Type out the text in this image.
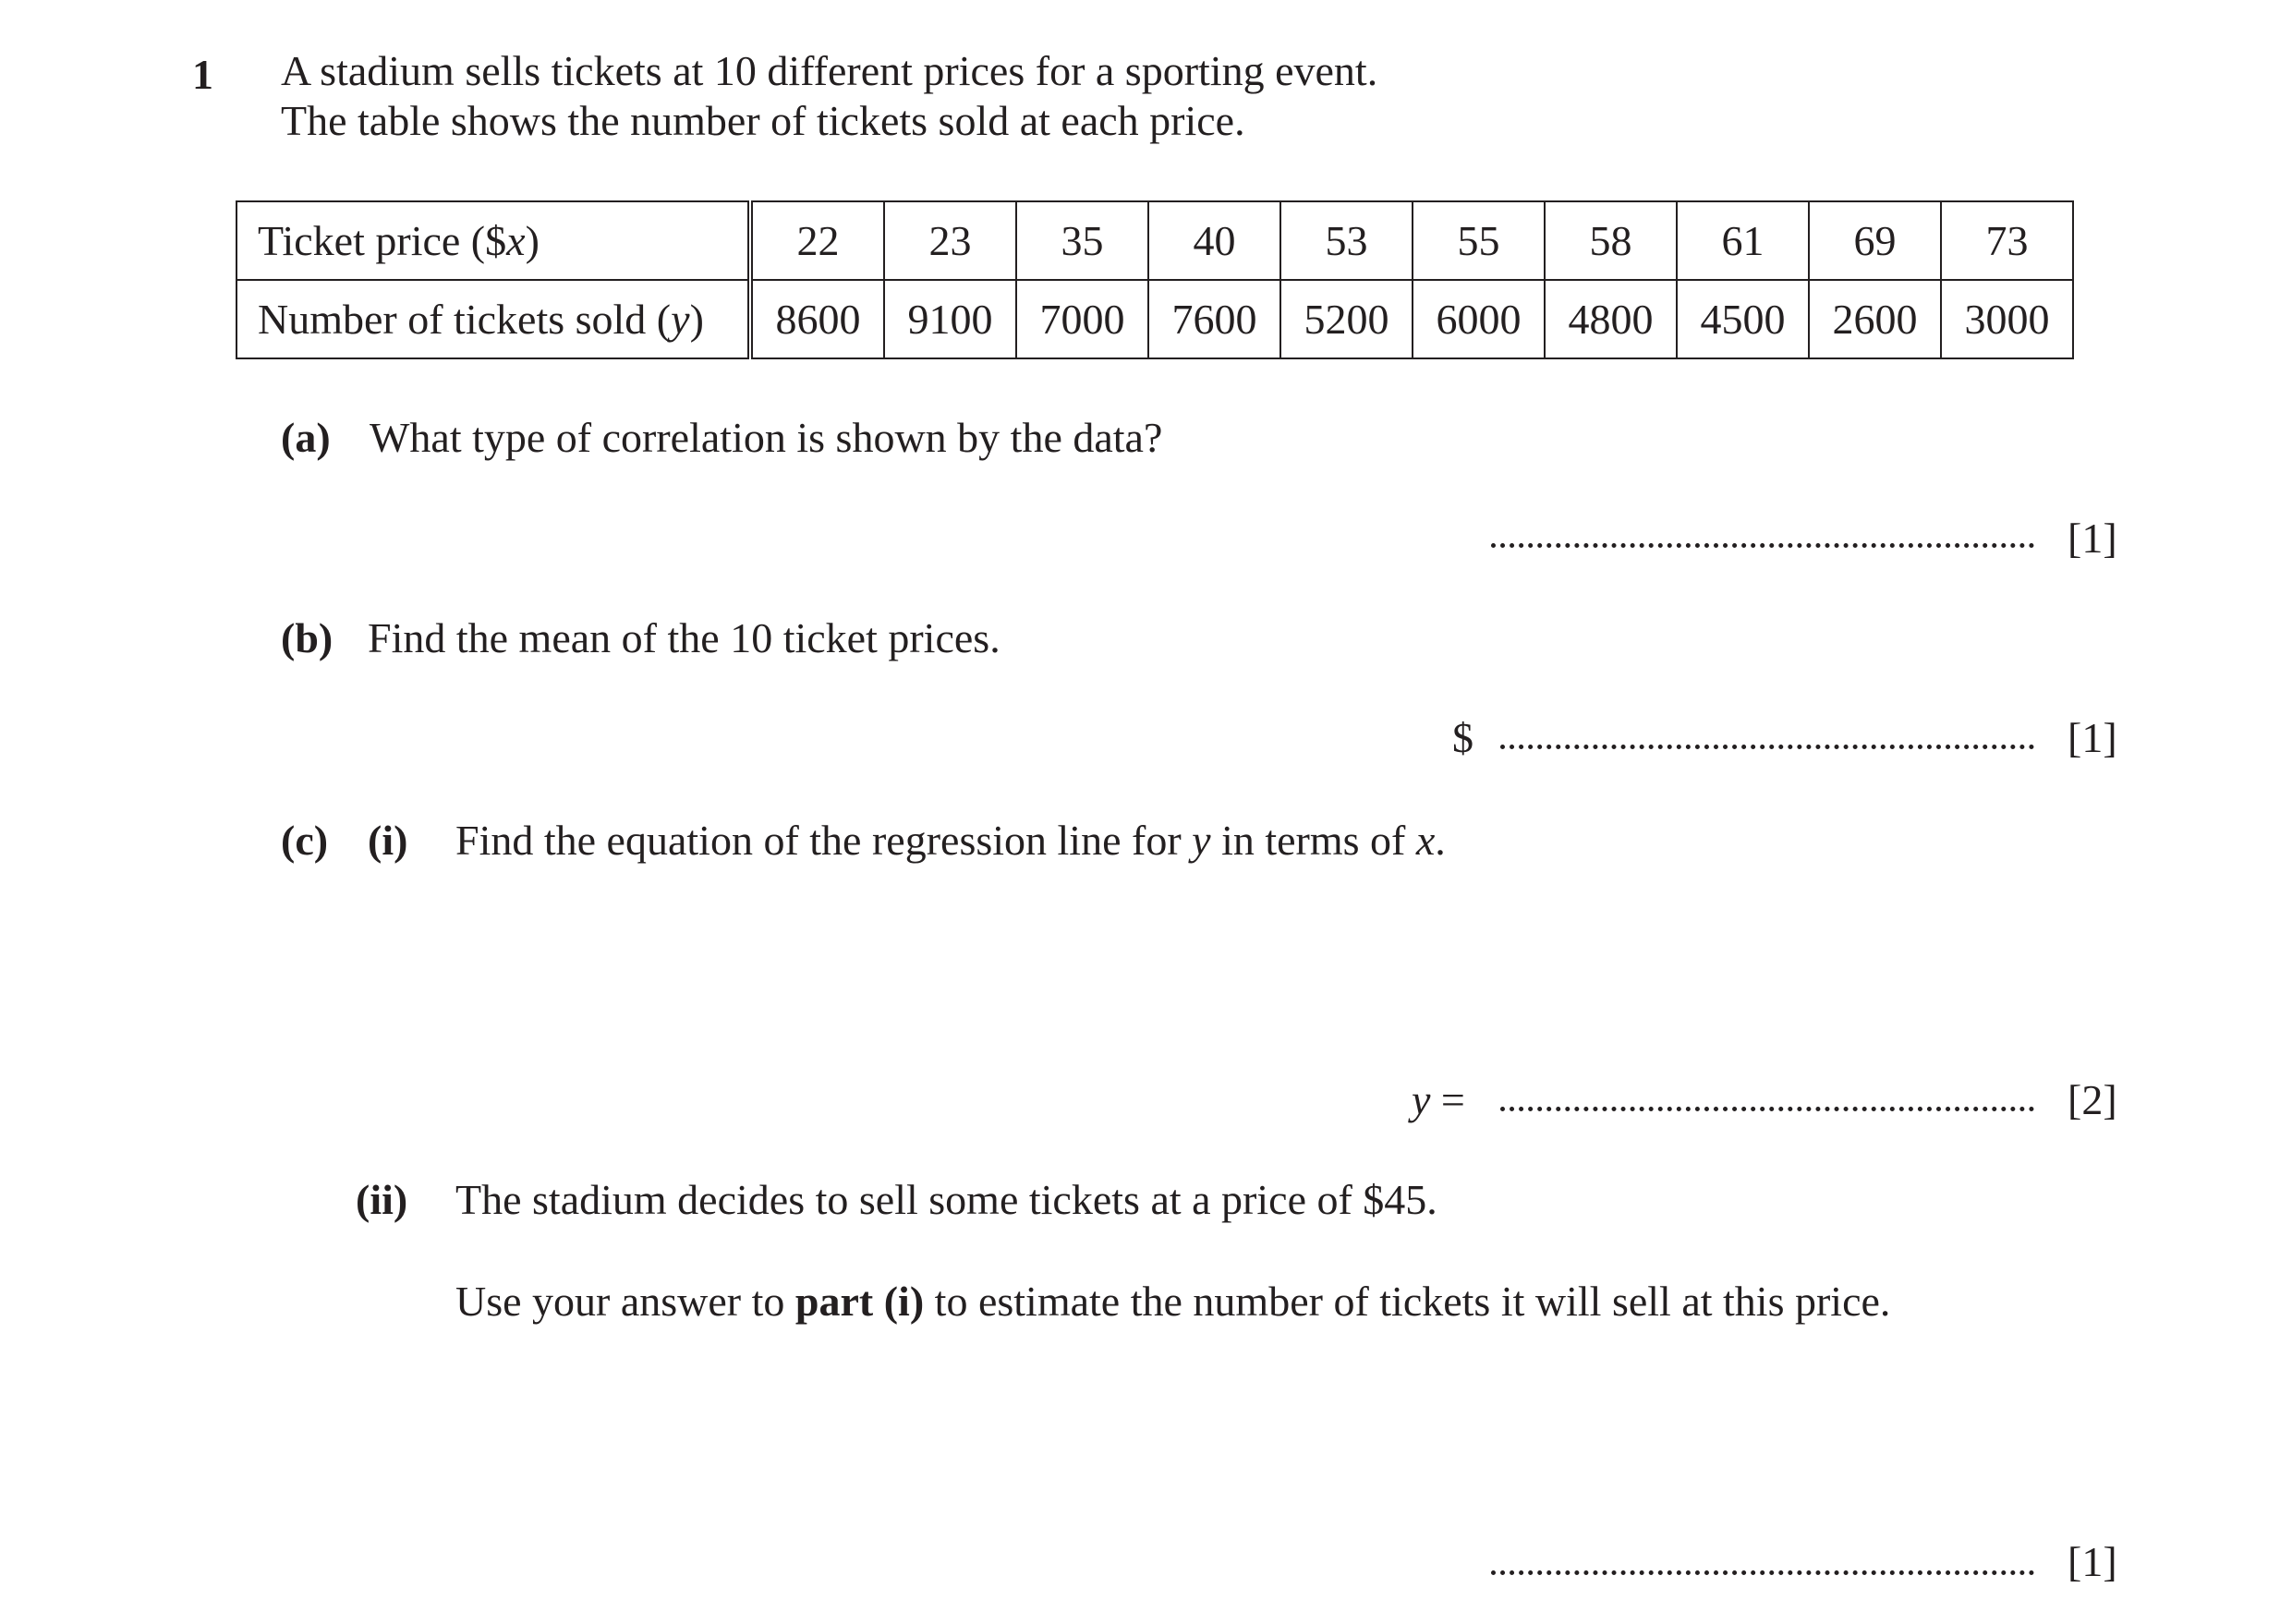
1 A stadium sells tickets at 10 different prices for a sporting event.
The table shows the number of tickets sold at each price.
Ticket price ($x)	22	23	35	40	53	55	58	61	69	73
Number of tickets sold (y)	8600	9100	7000	7600	5200	6000	4800	4500	2600	3000
(a) What type of correlation is shown by the data?
[1]
(b) Find the mean of the 10 ticket prices.
$	[1]
(c) (i) Find the equation of the regression line for y in terms of x.
y =	[2]
(ii) The stadium decides to sell some tickets at a price of $45.
Use your answer to part (i) to estimate the number of tickets it will sell at this price.
[1]
